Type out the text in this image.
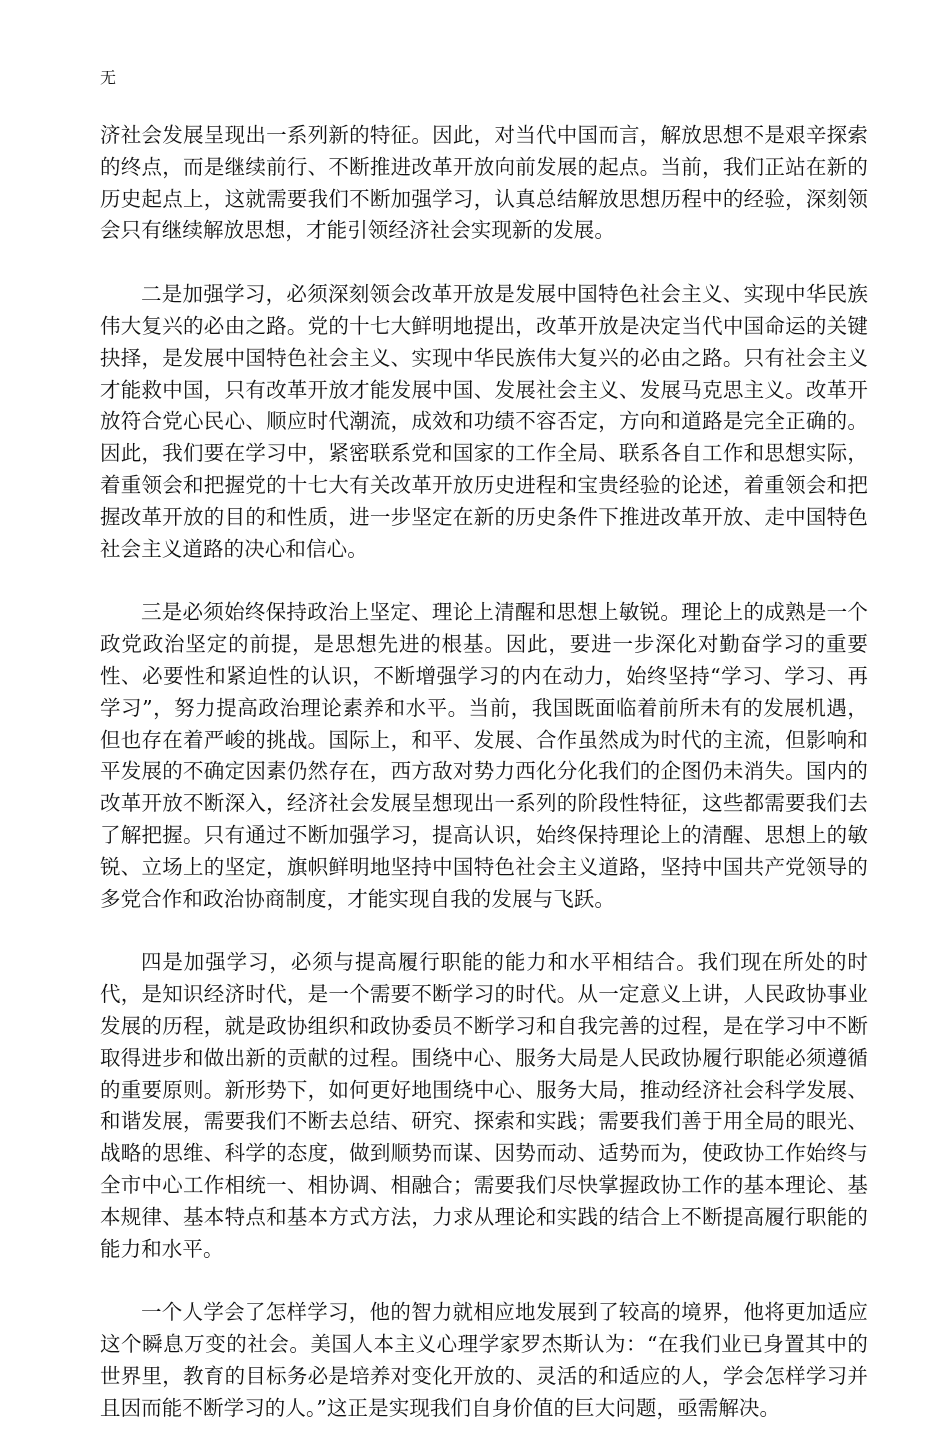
无

济社会发展呈现出一系列新的特征。因此，对当代中国而言，解放思想不是艰辛探索的终点，而是继续前行、不断推进改革开放向前发展的起点。当前，我们正站在新的历史起点上，这就需要我们不断加强学习，认真总结解放思想历程中的经验，深刻领会只有继续解放思想，才能引领经济社会实现新的发展。

二是加强学习，必须深刻领会改革开放是发展中国特色社会主义、实现中华民族伟大复兴的必由之路。党的十七大鲜明地提出，改革开放是决定当代中国命运的关键抉择，是发展中国特色社会主义、实现中华民族伟大复兴的必由之路。只有社会主义才能救中国，只有改革开放才能发展中国、发展社会主义、发展马克思主义。改革开放符合党心民心、顺应时代潮流，成效和功绩不容否定，方向和道路是完全正确的。因此，我们要在学习中，紧密联系党和国家的工作全局、联系各自工作和思想实际，着重领会和把握党的十七大有关改革开放历史进程和宝贵经验的论述，着重领会和把握改革开放的目的和性质，进一步坚定在新的历史条件下推进改革开放、走中国特色社会主义道路的决心和信心。

三是必须始终保持政治上坚定、理论上清醒和思想上敏锐。理论上的成熟是一个政党政治坚定的前提，是思想先进的根基。因此，要进一步深化对勤奋学习的重要性、必要性和紧迫性的认识，不断增强学习的内在动力，始终坚持“学习、学习、再学习”，努力提高政治理论素养和水平。当前，我国既面临着前所未有的发展机遇，但也存在着严峻的挑战。国际上，和平、发展、合作虽然成为时代的主流，但影响和平发展的不确定因素仍然存在，西方敌对势力西化分化我们的企图仍未消失。国内的改革开放不断深入，经济社会发展呈想现出一系列的阶段性特征，这些都需要我们去了解把握。只有通过不断加强学习，提高认识，始终保持理论上的清醒、思想上的敏锐、立场上的坚定，旗帜鲜明地坚持中国特色社会主义道路，坚持中国共产党领导的多党合作和政治协商制度，才能实现自我的发展与飞跃。

四是加强学习，必须与提高履行职能的能力和水平相结合。我们现在所处的时代，是知识经济时代，是一个需要不断学习的时代。从一定意义上讲，人民政协事业发展的历程，就是政协组织和政协委员不断学习和自我完善的过程，是在学习中不断取得进步和做出新的贡献的过程。围绕中心、服务大局是人民政协履行职能必须遵循的重要原则。新形势下，如何更好地围绕中心、服务大局，推动经济社会科学发展、和谐发展，需要我们不断去总结、研究、探索和实践；需要我们善于用全局的眼光、战略的思维、科学的态度，做到顺势而谋、因势而动、适势而为，使政协工作始终与全市中心工作相统一、相协调、相融合；需要我们尽快掌握政协工作的基本理论、基本规律、基本特点和基本方式方法，力求从理论和实践的结合上不断提高履行职能的能力和水平。

一个人学会了怎样学习，他的智力就相应地发展到了较高的境界，他将更加适应这个瞬息万变的社会。美国人本主义心理学家罗杰斯认为：“在我们业已身置其中的世界里，教育的目标务必是培养对变化开放的、灵活的和适应的人，学会怎样学习并且因而能不断学习的人。”这正是实现我们自身价值的巨大问题，亟需解决。
